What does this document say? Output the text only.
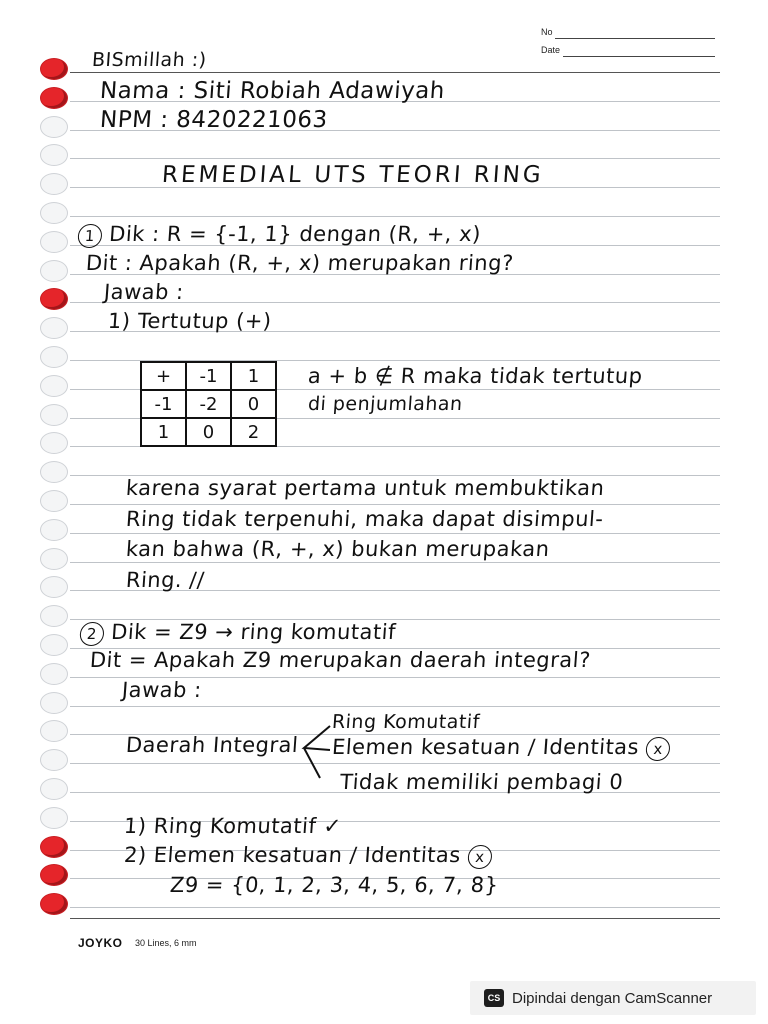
No
Date
BISmillah :)
Nama : Siti Robiah Adawiyah
NPM : 8420221063
REMEDIAL UTS TEORI RING
1 Dik : R = {-1, 1} dengan (R, +, x)
Dit : Apakah (R, +, x) merupakan ring?
Jawab :
1) Tertutup (+)
+	-1	1
-1	-2	0
1	0	2
a + b ∉ R maka tidak tertutup
di penjumlahan
karena syarat pertama untuk membuktikan
Ring tidak terpenuhi, maka dapat disimpul-
kan bahwa (R, +, x) bukan merupakan
Ring. //
2 Dik = Z9 → ring komutatif
Dit = Apakah Z9 merupakan daerah integral?
Jawab :
Ring Komutatif
Daerah Integral Elemen kesatuan / Identitas x
Tidak memiliki pembagi 0
1) Ring Komutatif ✓
2) Elemen kesatuan / Identitas x
Z9 = {0, 1, 2, 3, 4, 5, 6, 7, 8}
JOYKO 30 Lines, 6 mm
CS Dipindai dengan CamScanner
